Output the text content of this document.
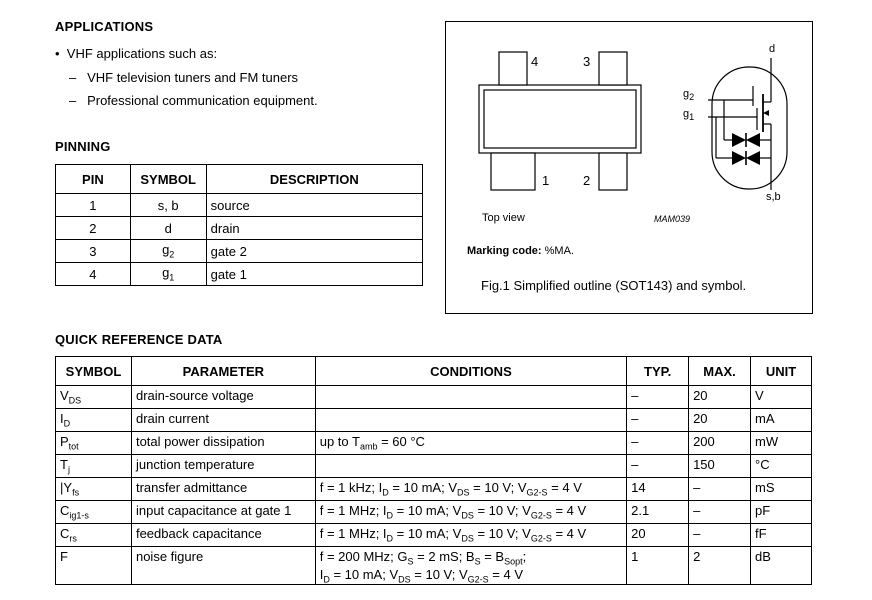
APPLICATIONS
• VHF applications such as:
– VHF television tuners and FM tuners
– Professional communication equipment.
PINNING
PIN	SYMBOL	DESCRIPTION
1	s, b	source
2	d	drain
3	$g_2$	gate 2
4	$g_1$	gate 1
4	3
1	2
d
$g_2$
$g_1$
s,b
Top view	MAM039
Marking code: %MA.
Fig.1 Simplified outline (SOT143) and symbol.
QUICK REFERENCE DATA
SYMBOL	PARAMETER	CONDITIONS	TYP.	MAX.	UNIT
$V_{DS}$	drain-source voltage		–	20	V
$I_D$	drain current		–	20	mA
$P_{tot}$	total power dissipation	up to $T_{amb} = 60$ °C	–	200	mW
$T_j$	junction temperature		–	150	°C
$|Y_{fs}$	transfer admittance	f = 1 kHz; $I_D = 10$ mA; $V_{DS} = 10$ V; $V_{G2-S} = 4$ V	14	–	mS
$C_{ig1-s}$	input capacitance at gate 1	f = 1 MHz; $I_D = 10$ mA; $V_{DS} = 10$ V; $V_{G2-S} = 4$ V	2.1	–	pF
$C_{rs}$	feedback capacitance	f = 1 MHz; $I_D = 10$ mA; $V_{DS} = 10$ V; $V_{G2-S} = 4$ V	20	–	fF
F	noise figure	f = 200 MHz; $G_S = 2$ mS; $B_S = B_{Sopt}$;
$I_D = 10$ mA; $V_{DS} = 10$ V; $V_{G2-S} = 4$ V	1	2	dB
